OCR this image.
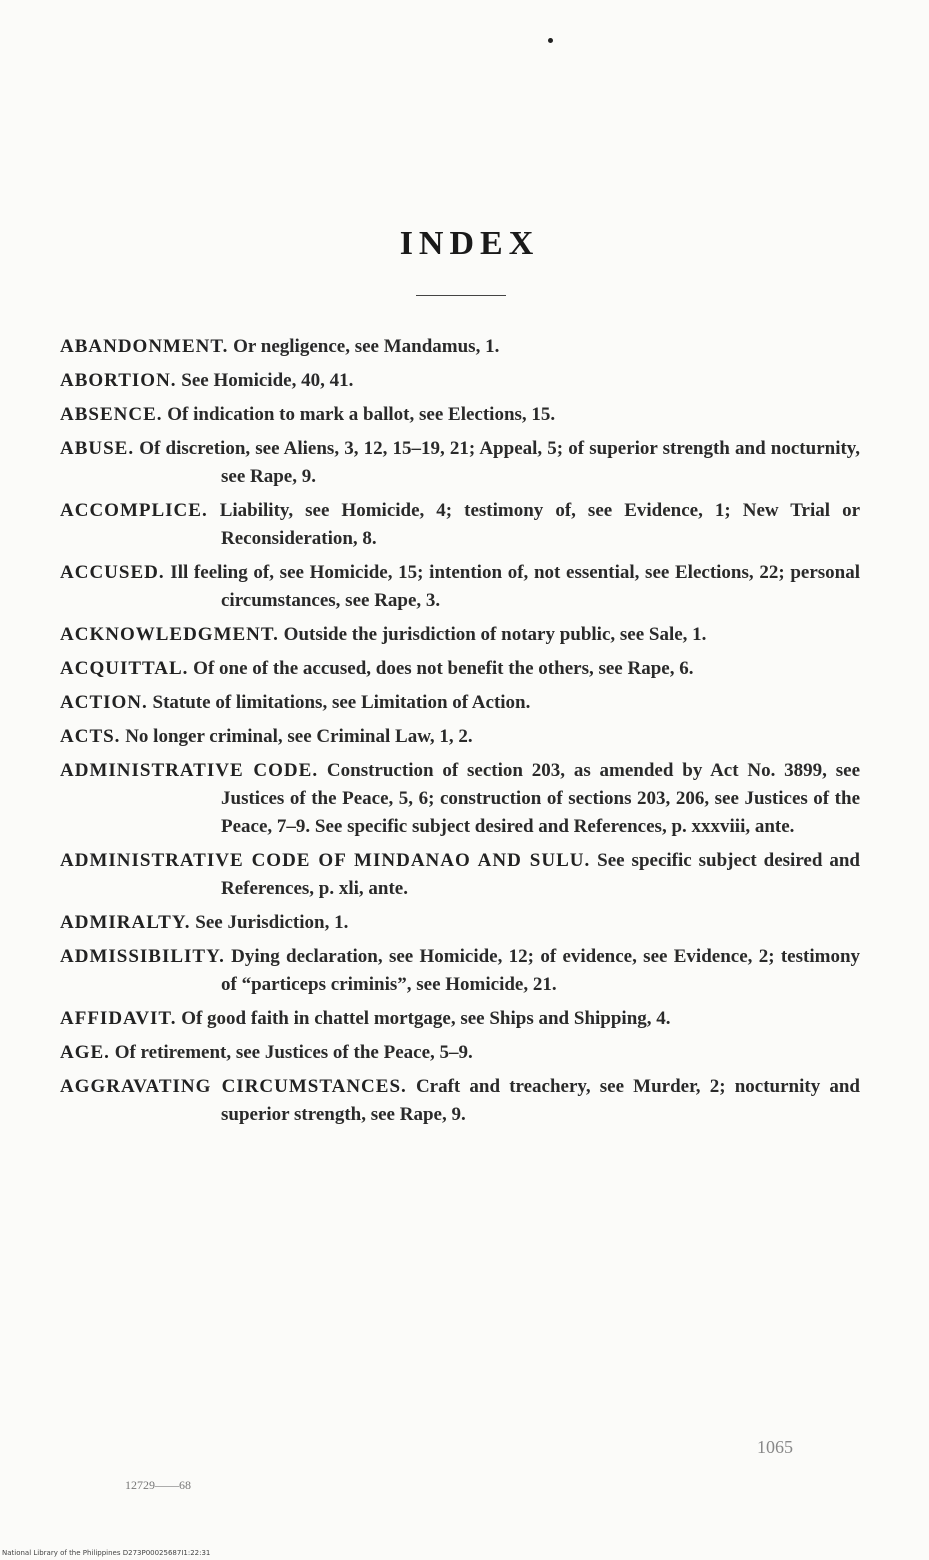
INDEX
ABANDONMENT. Or negligence, see Mandamus, 1.
ABORTION. See Homicide, 40, 41.
ABSENCE. Of indication to mark a ballot, see Elections, 15.
ABUSE. Of discretion, see Aliens, 3, 12, 15–19, 21; Appeal, 5; of superior strength and nocturnity, see Rape, 9.
ACCOMPLICE. Liability, see Homicide, 4; testimony of, see Evidence, 1; New Trial or Reconsideration, 8.
ACCUSED. Ill feeling of, see Homicide, 15; intention of, not essential, see Elections, 22; personal circumstances, see Rape, 3.
ACKNOWLEDGMENT. Outside the jurisdiction of notary public, see Sale, 1.
ACQUITTAL. Of one of the accused, does not benefit the others, see Rape, 6.
ACTION. Statute of limitations, see Limitation of Action.
ACTS. No longer criminal, see Criminal Law, 1, 2.
ADMINISTRATIVE CODE. Construction of section 203, as amended by Act No. 3899, see Justices of the Peace, 5, 6; construction of sections 203, 206, see Justices of the Peace, 7–9. See specific subject desired and References, p. xxxviii, ante.
ADMINISTRATIVE CODE OF MINDANAO AND SULU. See specific subject desired and References, p. xli, ante.
ADMIRALTY. See Jurisdiction, 1.
ADMISSIBILITY. Dying declaration, see Homicide, 12; of evidence, see Evidence, 2; testimony of “particeps criminis”, see Homicide, 21.
AFFIDAVIT. Of good faith in chattel mortgage, see Ships and Shipping, 4.
AGE. Of retirement, see Justices of the Peace, 5–9.
AGGRAVATING CIRCUMSTANCES. Craft and treachery, see Murder, 2; nocturnity and superior strength, see Rape, 9.
1065
12729——68
National Library of the Philippines D273P00025687I1:22:31
